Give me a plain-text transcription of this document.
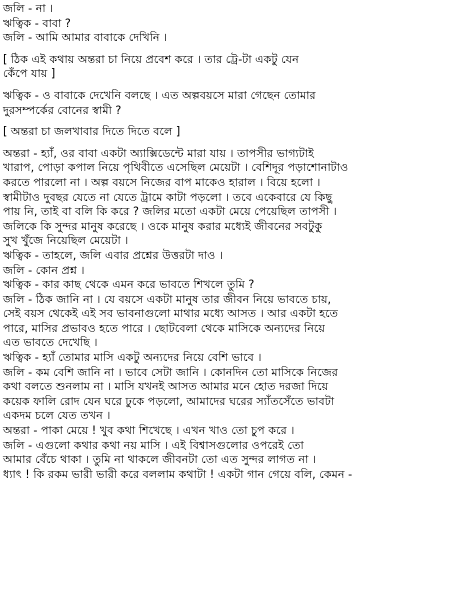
জলি - না ।

ঋত্বিক - বাবা ?

জলি - আমি আমার বাবাকে দেখিনি ।

[ ঠিক এই কথায় অন্তরা চা নিয়ে প্রবেশ করে । তার ট্রে-টা একটু যেন

কেঁপে যায় ]

ঋত্বিক - ও বাবাকে দেখেনি বলছে । এত অল্পবয়সে মারা গেছেন তোমার

দুরসম্পর্কের বোনের স্বামী ?

[ অন্তরা চা জলখাবার দিতে দিতে বলে ]

অন্তরা - হ্যাঁ, ওর বাবা একটা অ্যাক্সিডেন্টে মারা যায় । তাপসীর ভাগ্যটাই

খারাপ, পোড়া কপাল নিয়ে পৃথিবীতে এসেছিল মেয়েটা । বেশিদূর পড়াশোনাটাও

করতে পারলো না । অল্প বয়সে নিজের বাপ মাকেও হারাল । বিয়ে হলো ।

স্বামীটাও দুবছর যেতে না যেতে ট্রামে কাটা পড়লো । তবে একেবারে যে কিছু

পায় নি, তাই বা বলি কি করে ? জলির মতো একটা মেয়ে পেয়েছিল তাপসী ।

জলিকে কি সুন্দর মানুষ করেছে । ওকে মানুষ করার মধ্যেই জীবনের সবটুকু

সুখ খুঁজে নিয়েছিল মেয়েটা ।

ঋত্বিক - তাহলে, জলি এবার প্রশ্নের উত্তরটা দাও ।

জলি - কোন প্রশ্ন ।

ঋত্বিক - কার কাছ থেকে এমন করে ভাবতে শিখলে তুমি ?

জলি - ঠিক জানি না । যে বয়সে একটা মানুষ তার জীবন নিয়ে ভাবতে চায়,

সেই বয়স থেকেই এই সব ভাবনাগুলো মাথার মধ্যে আসত । আর একটা হতে

পারে, মাসির প্রভাবও হতে পারে । ছোটবেলা থেকে মাসিকে অন্যদের নিয়ে

এত ভাবতে দেখেছি ।

ঋত্বিক - হ্যাঁ তোমার মাসি একটু অন্যদের নিয়ে বেশি ভাবে ।

জলি - কম বেশি জানি না । ভাবে সেটা জানি । কোনদিন তো মাসিকে নিজের

কথা বলতে শুনলাম না । মাসি যখনই আসত আমার মনে হোত দরজা দিয়ে

কয়েক ফালি রোদ যেন ঘরে ঢুকে পড়লো, আমাদের ঘরের স্যাঁতসেঁতে ভাবটা

একদম চলে যেত তখন ।

অন্তরা - পাকা মেয়ে ! খুব কথা শিখেছে । এখন খাও তো চুপ করে ।

জলি - এগুলো কথার কথা নয় মাসি । এই বিশ্বাসগুলোর ওপরেই তো

আমার বেঁচে থাকা । তুমি না থাকলে জীবনটা তো এত সুন্দর লাগত না ।

ধ্যাৎ ! কি রকম ভারী ভারী করে বললাম কথাটা ! একটা গান গেয়ে বলি, কেমন -
